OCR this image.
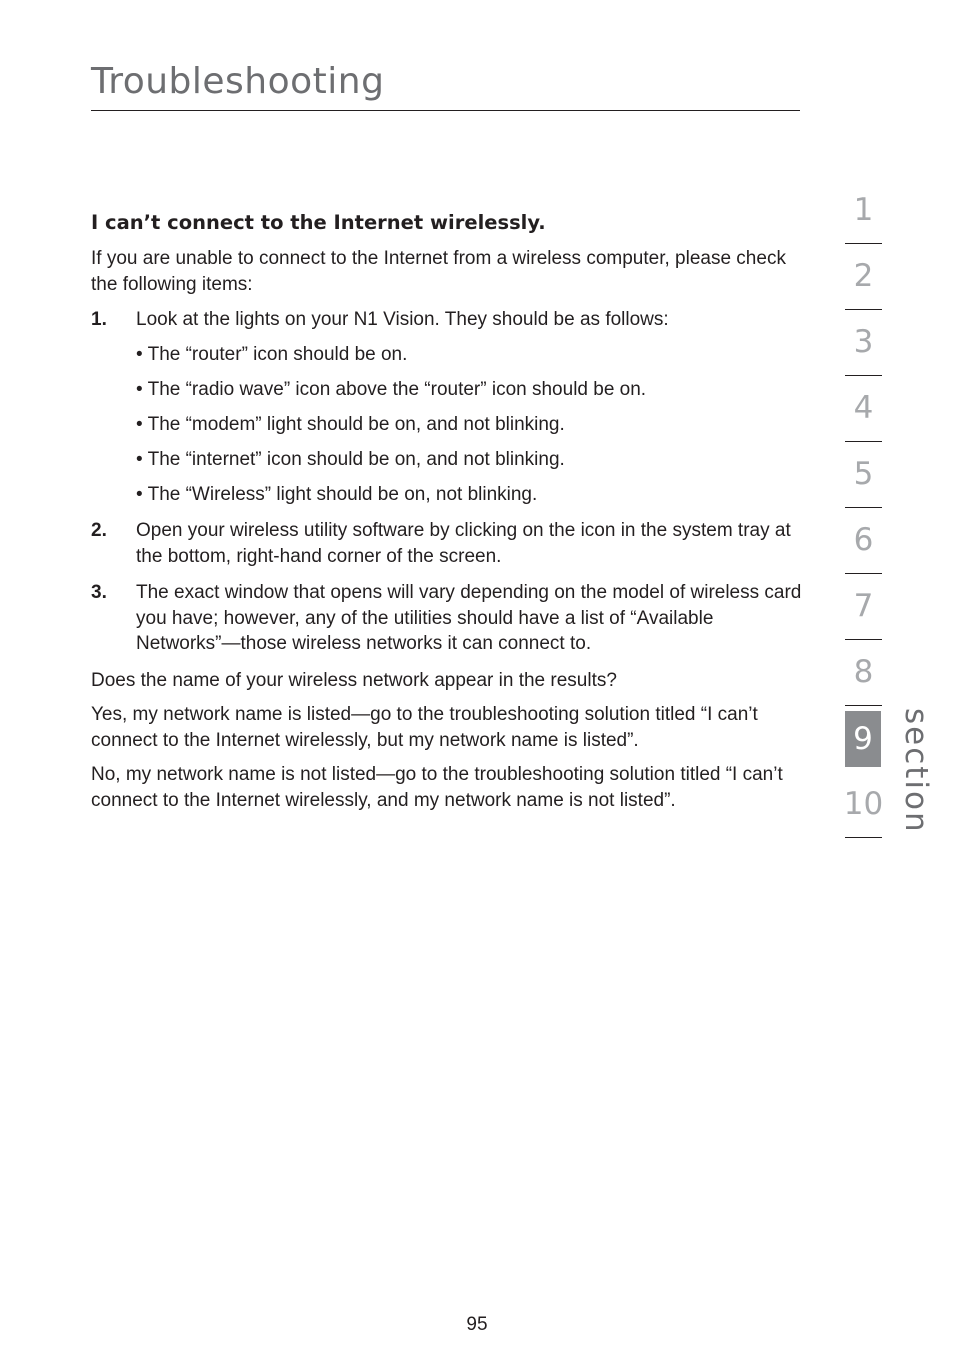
Troubleshooting

I can’t connect to the Internet wirelessly.

If you are unable to connect to the Internet from a wireless computer, please check the following items:

1.	Look at the lights on your N1 Vision. They should be as follows:
• The “router” icon should be on.
• The “radio wave” icon above the “router” icon should be on.
• The “modem” light should be on, and not blinking.
• The “internet” icon should be on, and not blinking.
• The “Wireless” light should be on, not blinking.
2.	Open your wireless utility software by clicking on the icon in the system tray at the bottom, right-hand corner of the screen.
3.	The exact window that opens will vary depending on the model of wireless card you have; however, any of the utilities should have a list of “Available Networks”—those wireless networks it can connect to.

Does the name of your wireless network appear in the results?

Yes, my network name is listed—go to the troubleshooting solution titled “I can’t connect to the Internet wirelessly, but my network name is listed”.

No, my network name is not listed—go to the troubleshooting solution titled “I can’t connect to the Internet wirelessly, and my network name is not listed”.

1
2
3
4
5
6
7
8
9
10 section
95
